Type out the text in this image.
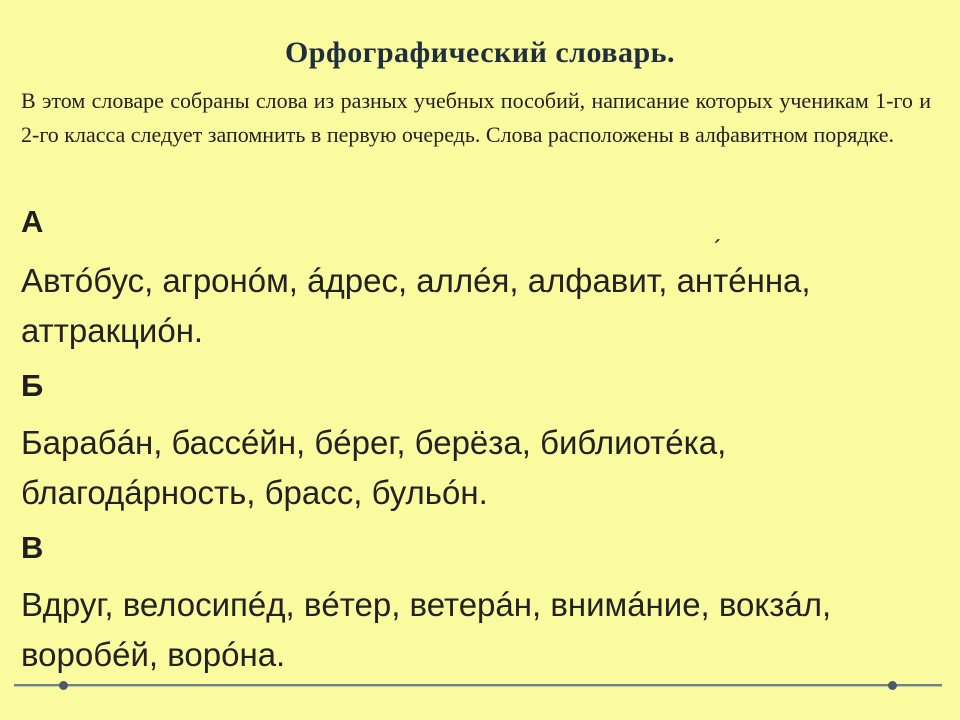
Орфографический словарь.
В этом словаре собраны слова из разных учебных пособий, написание которых ученикам 1-го и 2-го класса следует запомнить в первую очередь. Слова расположены в алфавитном порядке.
А
´
Автóбус, агронóм, áдрес, аллéя, алфавит, антéнна, аттракциóн.
Б
Барабáн, бассéйн, бéрег, берёза, библиотéка, благодáрность, брасс, бульóн.
В
Вдруг, велосипéд, вéтер, ветерáн, внимáние, вокзáл, воробéй, ворóна.
